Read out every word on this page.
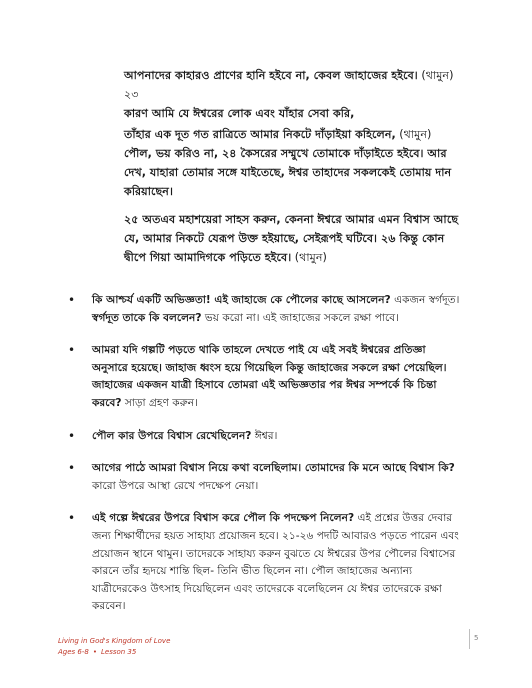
আপনাদের কাহারও প্রাণের হানি হইবে না, কেবল জাহাজের হইবে। (থামুন) ২৩
কারণ আমি যে ঈশ্বরের লোক এবং যাঁহার সেবা করি,
তাঁহার এক দূত গত রাত্রিতে আমার নিকটে দাঁড়াইয়া কহিলেন, (থামুন) পৌল, ভয় করিও না, ২৪ কৈসরের সম্মুখে তোমাকে দাঁড়াইতে হইবে। আর দেখ, যাহারা তোমার সঙ্গে যাইতেছে, ঈশ্বর তাহাদের সকলকেই তোমায় দান করিয়াছেন।
২৫ অতএব মহাশয়েরা সাহস করুন, কেননা ঈশ্বরে আমার এমন বিশ্বাস আছে যে, আমার নিকটে যেরূপ উক্ত হইয়াছে, সেইরূপই ঘটিবে। ২৬ কিন্তু কোন দ্বীপে গিয়া আমাদিগকে পড়িতে হইবে। (থামুন)
• কি আশ্চর্য একটি অভিজ্ঞতা! এই জাহাজে কে পৌলের কাছে আসলেন? একজন স্বর্গদূত। স্বর্গদূত তাকে কি বললেন? ভয় করো না। এই জাহাজের সকলে রক্ষা পাবে।
• আমরা যদি গল্পটি পড়তে থাকি তাহলে দেখতে পাই যে এই সবই ঈশ্বরের প্রতিজ্ঞা অনুসারে হয়েছে। জাহাজ ধ্বংস হয়ে গিয়েছিল কিন্তু জাহাজের সকলে রক্ষা পেয়েছিল। জাহাজের একজন যাত্রী হিসাবে তোমরা এই অভিজ্ঞতার পর ঈশ্বর সম্পর্কে কি চিন্তা করবে? সাড়া গ্রহণ করুন।
• পৌল কার উপরে বিশ্বাস রেখেছিলেন? ঈশ্বর।
• আগের পাঠে আমরা বিশ্বাস নিয়ে কথা বলেছিলাম। তোমাদের কি মনে আছে বিশ্বাস কি? কারো উপরে আস্থা রেখে পদক্ষেপ নেয়া।
• এই গল্পে ঈশ্বরের উপরে বিশ্বাস করে পৌল কি পদক্ষেপ নিলেন? এই প্রশ্নের উত্তর দেবার জন্য শিক্ষার্থীদের হয়ত সাহায্য প্রয়োজন হবে। ২১-২৬ পদটি আবারও পড়তে পারেন এবং প্রয়োজন স্থানে থামুন। তাদেরকে সাহায্য করুন বুঝতে যে ঈশ্বরের উপর পৌলের বিশ্বাসের কারনে তাঁর হৃদয়ে শান্তি ছিল- তিনি ভীত ছিলেন না। পৌল জাহাজের অন্যান্য যাত্রীদেরকেও উৎসাহ দিয়েছিলেন এবং তাদেরকে বলেছিলেন যে ঈশ্বর তাদেরকে রক্ষা করবেন।
Living in God's Kingdom of Love
Ages 6-8 • Lesson 35
5
